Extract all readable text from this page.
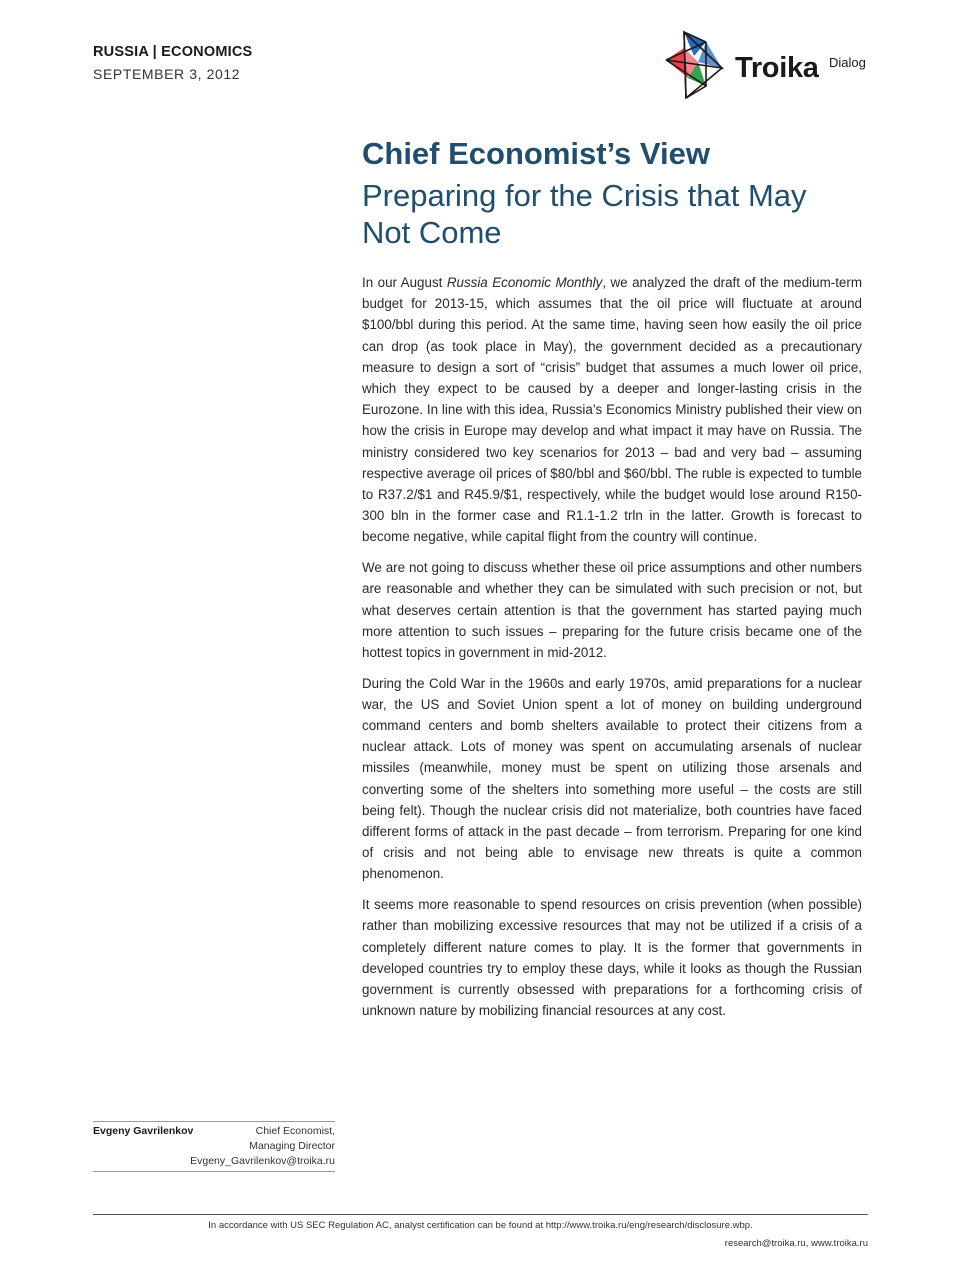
RUSSIA | ECONOMICS
SEPTEMBER 3, 2012	Troika Dialog
Chief Economist’s View
Preparing for the Crisis that May Not Come

In our August Russia Economic Monthly, we analyzed the draft of the medium-term budget for 2013-15, which assumes that the oil price will fluctuate at around $100/bbl during this period. At the same time, having seen how easily the oil price can drop (as took place in May), the government decided as a precautionary measure to design a sort of “crisis” budget that assumes a much lower oil price, which they expect to be caused by a deeper and longer-lasting crisis in the Eurozone. In line with this idea, Russia’s Economics Ministry published their view on how the crisis in Europe may develop and what impact it may have on Russia. The ministry considered two key scenarios for 2013 – bad and very bad – assuming respective average oil prices of $80/bbl and $60/bbl. The ruble is expected to tumble to R37.2/$1 and R45.9/$1, respectively, while the budget would lose around R150-300 bln in the former case and R1.1-1.2 trln in the latter. Growth is forecast to become negative, while capital flight from the country will continue.

We are not going to discuss whether these oil price assumptions and other numbers are reasonable and whether they can be simulated with such precision or not, but what deserves certain attention is that the government has started paying much more attention to such issues – preparing for the future crisis became one of the hottest topics in government in mid-2012.

During the Cold War in the 1960s and early 1970s, amid preparations for a nuclear war, the US and Soviet Union spent a lot of money on building underground command centers and bomb shelters available to protect their citizens from a nuclear attack. Lots of money was spent on accumulating arsenals of nuclear missiles (meanwhile, money must be spent on utilizing those arsenals and converting some of the shelters into something more useful – the costs are still being felt). Though the nuclear crisis did not materialize, both countries have faced different forms of attack in the past decade – from terrorism. Preparing for one kind of crisis and not being able to envisage new threats is quite a common phenomenon.

It seems more reasonable to spend resources on crisis prevention (when possible) rather than mobilizing excessive resources that may not be utilized if a crisis of a completely different nature comes to play. It is the former that governments in developed countries try to employ these days, while it looks as though the Russian government is currently obsessed with preparations for a forthcoming crisis of unknown nature by mobilizing financial resources at any cost.

Evgeny Gavrilenkov	Chief Economist,
Managing Director
Evgeny_Gavrilenkov@troika.ru
In accordance with US SEC Regulation AC, analyst certification can be found at http://www.troika.ru/eng/research/disclosure.wbp.
research@troika.ru, www.troika.ru
